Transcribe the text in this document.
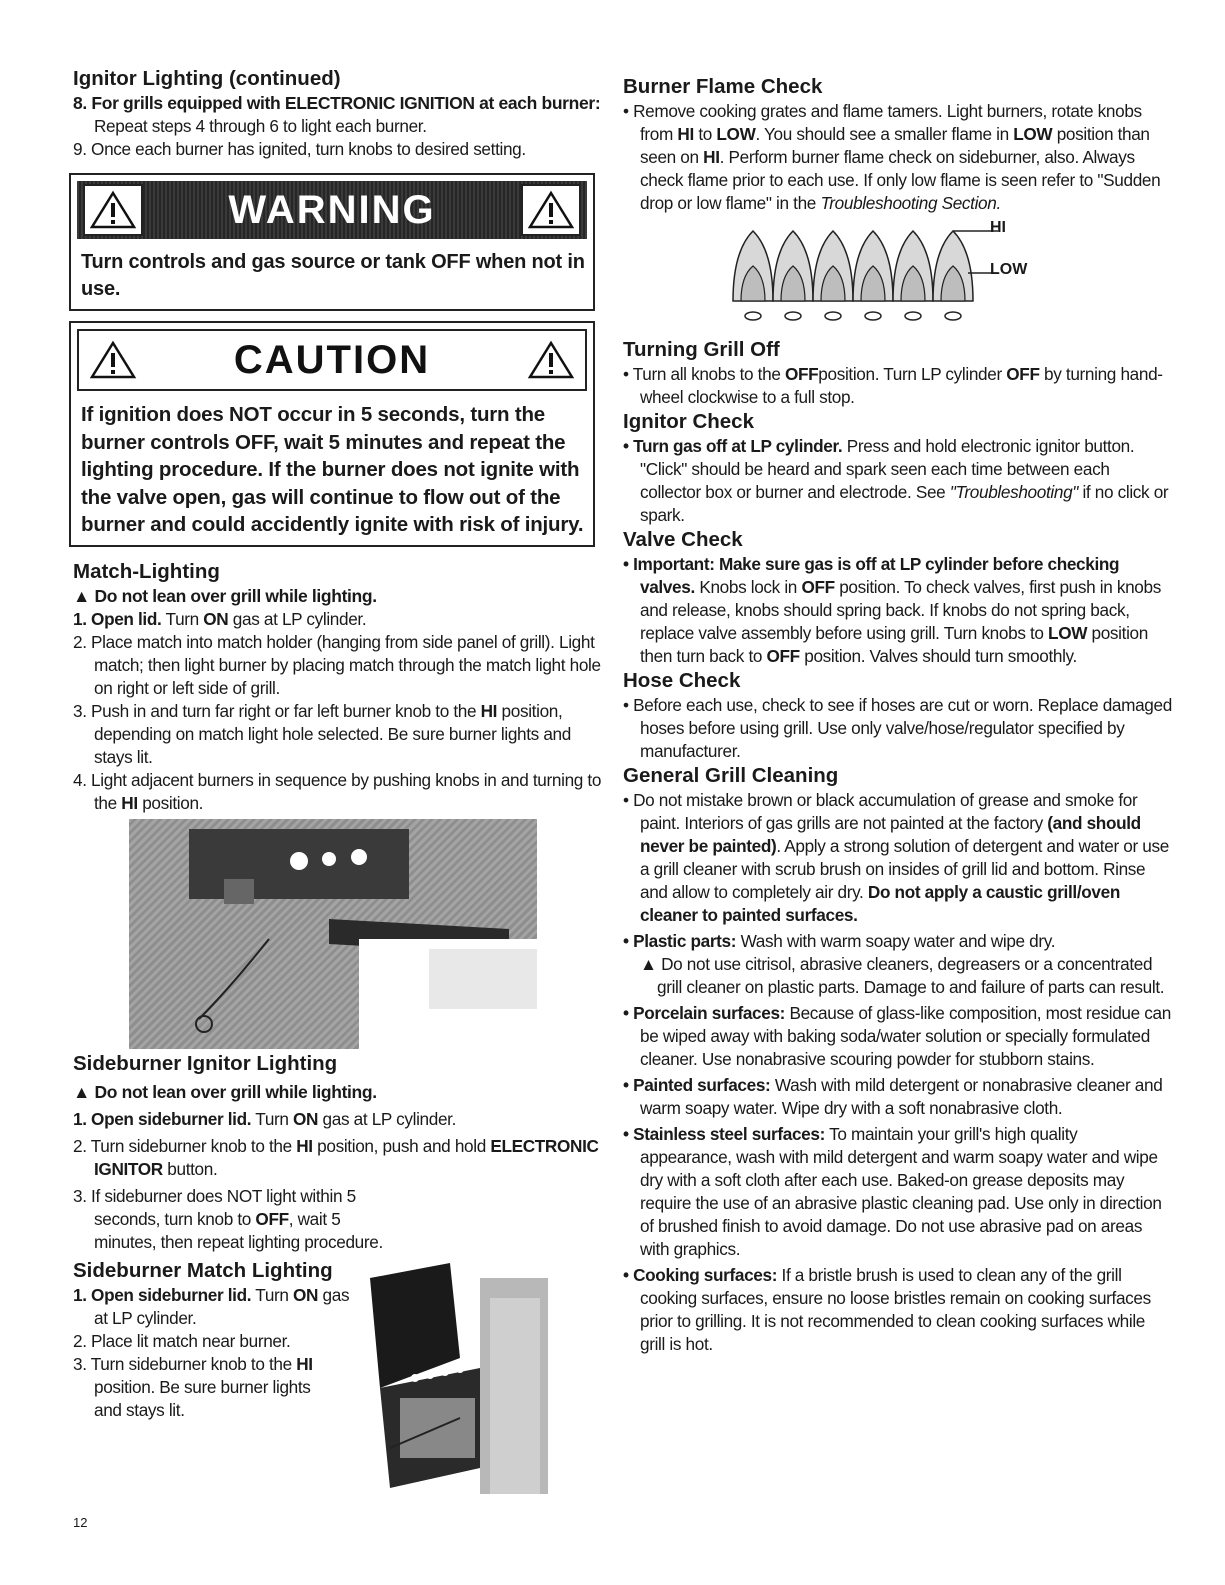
Ignitor Lighting (continued)

8. For grills equipped with ELECTRONIC IGNITION at each burner:

Repeat steps 4 through 6 to light each burner.

9. Once each burner has ignited, turn knobs to desired setting.

WARNING
Turn controls and gas source or tank OFF when not in use.
CAUTION
If ignition does NOT occur in 5 seconds, turn the burner controls OFF, wait 5 minutes and repeat the lighting procedure. If the burner does not ignite with the valve open, gas will continue to flow out of the burner and could accidently ignite with risk of injury.

Match-Lighting

▲ Do not lean over grill while lighting.

1. Open lid. Turn ON gas at LP cylinder.

2. Place match into match holder (hanging from side panel of grill). Light match; then light burner by placing match through the match light hole on right or left side of grill.

3. Push in and turn far right or far left burner knob to the HI position, depending on match light hole selected. Be sure burner lights and stays lit.

4. Light adjacent burners in sequence by pushing knobs in and turning to the HI position.

Sideburner Ignitor Lighting

▲ Do not lean over grill while lighting.

1. Open sideburner lid. Turn ON gas at LP cylinder.

2. Turn sideburner knob to the HI position, push and hold ELECTRONIC IGNITOR button.

3. If sideburner does NOT light within 5 seconds, turn knob to OFF, wait 5 minutes, then repeat lighting procedure.

Sideburner Match Lighting

1. Open sideburner lid. Turn ON gas at LP cylinder.

2. Place lit match near burner.

3. Turn sideburner knob to the HI position. Be sure burner lights and stays lit.

Burner Flame Check

• Remove cooking grates and flame tamers. Light burners, rotate knobs from HI to LOW. You should see a smaller flame in LOW position than seen on HI. Perform burner flame check on sideburner, also. Always check flame prior to each use. If only low flame is seen refer to "Sudden drop or low flame" in the Troubleshooting Section.

HI
LOW

Turning Grill Off

• Turn all knobs to the OFFposition. Turn LP cylinder OFF by turning hand-wheel clockwise to a full stop.

Ignitor Check

• Turn gas off at LP cylinder. Press and hold electronic ignitor button. "Click" should be heard and spark seen each time between each collector box or burner and electrode. See "Troubleshooting" if no click or spark.

Valve Check

• Important: Make sure gas is off at LP cylinder before checking valves. Knobs lock in OFF position. To check valves, first push in knobs and release, knobs should spring back. If knobs do not spring back, replace valve assembly before using grill. Turn knobs to LOW position then turn back to OFF position. Valves should turn smoothly.

Hose Check

• Before each use, check to see if hoses are cut or worn. Replace damaged hoses before using grill. Use only valve/hose/regulator specified by manufacturer.

General Grill Cleaning

• Do not mistake brown or black accumulation of grease and smoke for paint. Interiors of gas grills are not painted at the factory (and should never be painted). Apply a strong solution of detergent and water or use a grill cleaner with scrub brush on insides of grill lid and bottom. Rinse and allow to completely air dry. Do not apply a caustic grill/oven cleaner to painted surfaces.

• Plastic parts: Wash with warm soapy water and wipe dry.

▲ Do not use citrisol, abrasive cleaners, degreasers or a concentrated grill cleaner on plastic parts. Damage to and failure of parts can result.

• Porcelain surfaces: Because of glass-like composition, most residue can be wiped away with baking soda/water solution or specially formulated cleaner. Use nonabrasive scouring powder for stubborn stains.

• Painted surfaces: Wash with mild detergent or nonabrasive cleaner and warm soapy water. Wipe dry with a soft nonabrasive cloth.

• Stainless steel surfaces: To maintain your grill's high quality appearance, wash with mild detergent and warm soapy water and wipe dry with a soft cloth after each use. Baked-on grease deposits may require the use of an abrasive plastic cleaning pad. Use only in direction of brushed finish to avoid damage. Do not use abrasive pad on areas with graphics.

• Cooking surfaces: If a bristle brush is used to clean any of the grill cooking surfaces, ensure no loose bristles remain on cooking surfaces prior to grilling. It is not recommended to clean cooking surfaces while grill is hot.

12
